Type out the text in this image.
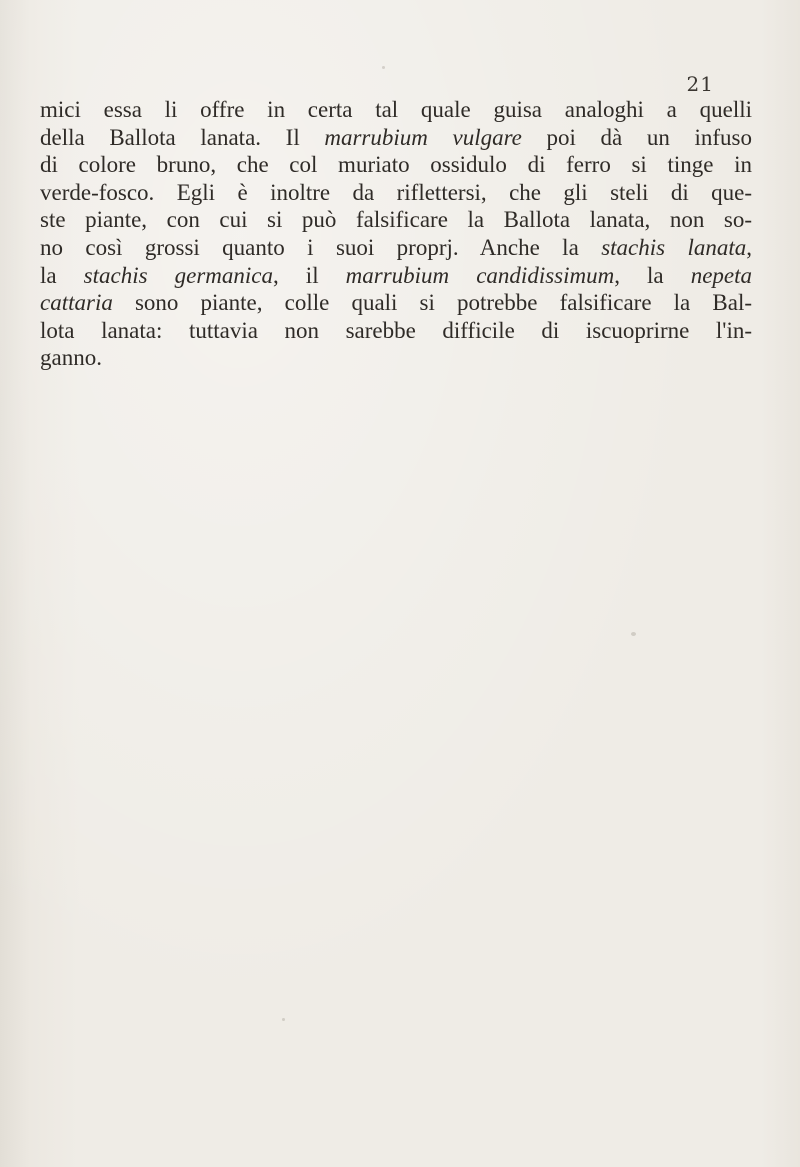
21
mici essa li offre in certa tal quale guisa analoghi a quelli
della Ballota lanata. Il marrubium vulgare poi dà un infuso
di colore bruno, che col muriato ossidulo di ferro si tinge in
verde-fosco. Egli è inoltre da riflettersi, che gli steli di que-
ste piante, con cui si può falsificare la Ballota lanata, non so-
no così grossi quanto i suoi proprj. Anche la stachis lanata,
la stachis germanica, il marrubium candidissimum, la nepeta
cattaria sono piante, colle quali si potrebbe falsificare la Bal-
lota lanata: tuttavia non sarebbe difficile di iscuoprirne l'in-
ganno.
